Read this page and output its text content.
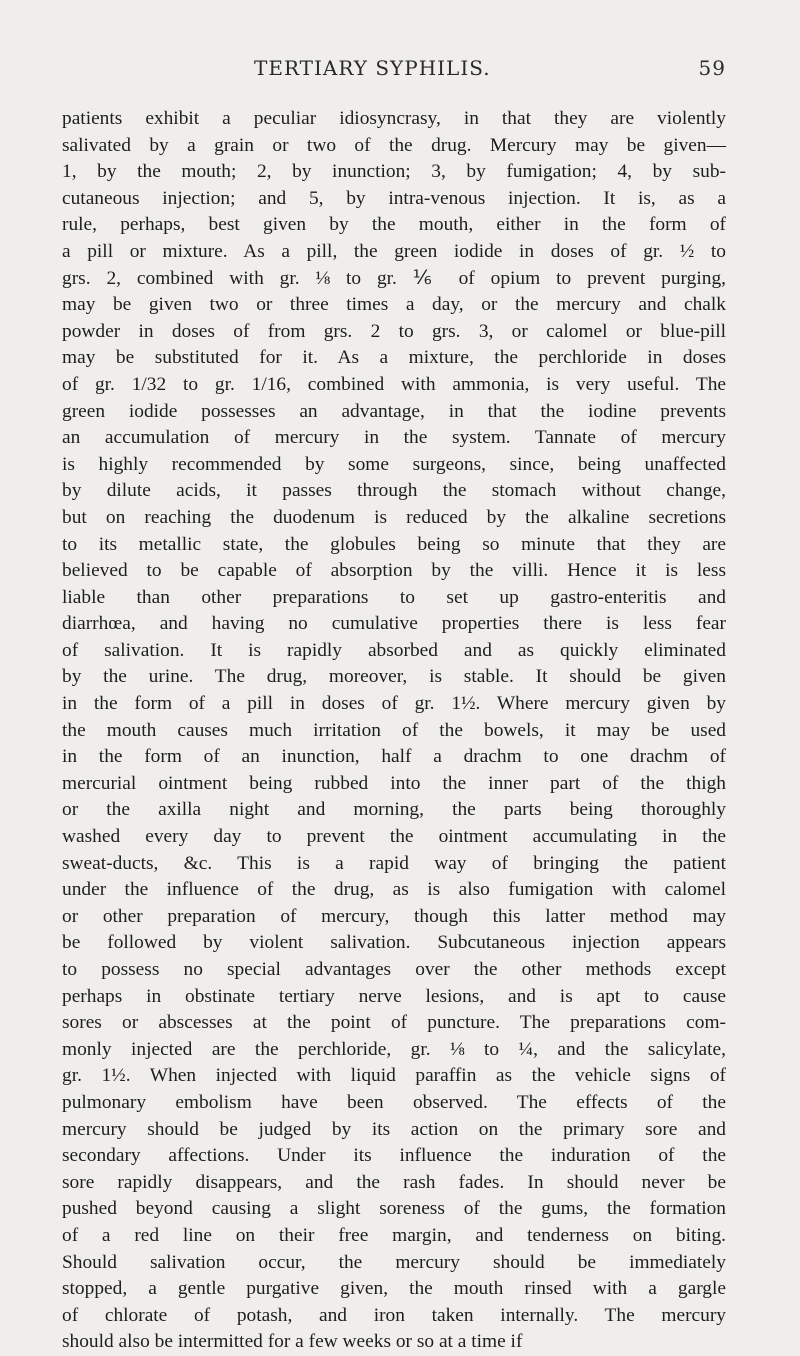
TERTIARY SYPHILIS.	59
patients exhibit a peculiar idiosyncrasy, in that they are violently
salivated by a grain or two of the drug. Mercury may be given—
1, by the mouth; 2, by inunction; 3, by fumigation; 4, by sub-
cutaneous injection; and 5, by intra-venous injection. It is, as a
rule, perhaps, best given by the mouth, either in the form of
a pill or mixture. As a pill, the green iodide in doses of gr. ½ to
grs. 2, combined with gr. ⅛ to gr. ⅙ of opium to prevent purging,
may be given two or three times a day, or the mercury and chalk
powder in doses of from grs. 2 to grs. 3, or calomel or blue-pill
may be substituted for it. As a mixture, the perchloride in doses
of gr. 1/32 to gr. 1/16, combined with ammonia, is very useful. The
green iodide possesses an advantage, in that the iodine prevents
an accumulation of mercury in the system. Tannate of mercury
is highly recommended by some surgeons, since, being unaffected
by dilute acids, it passes through the stomach without change,
but on reaching the duodenum is reduced by the alkaline secretions
to its metallic state, the globules being so minute that they are
believed to be capable of absorption by the villi. Hence it is less
liable than other preparations to set up gastro-enteritis and
diarrhœa, and having no cumulative properties there is less fear
of salivation. It is rapidly absorbed and as quickly eliminated
by the urine. The drug, moreover, is stable. It should be given
in the form of a pill in doses of gr. 1½. Where mercury given by
the mouth causes much irritation of the bowels, it may be used
in the form of an inunction, half a drachm to one drachm of
mercurial ointment being rubbed into the inner part of the thigh
or the axilla night and morning, the parts being thoroughly
washed every day to prevent the ointment accumulating in the
sweat-ducts, &c. This is a rapid way of bringing the patient
under the influence of the drug, as is also fumigation with calomel
or other preparation of mercury, though this latter method may
be followed by violent salivation. Subcutaneous injection appears
to possess no special advantages over the other methods except
perhaps in obstinate tertiary nerve lesions, and is apt to cause
sores or abscesses at the point of puncture. The preparations com-
monly injected are the perchloride, gr. ⅛ to ¼, and the salicylate,
gr. 1½. When injected with liquid paraffin as the vehicle signs of
pulmonary embolism have been observed. The effects of the
mercury should be judged by its action on the primary sore and
secondary affections. Under its influence the induration of the
sore rapidly disappears, and the rash fades. In should never be
pushed beyond causing a slight soreness of the gums, the formation
of a red line on their free margin, and tenderness on biting.
Should salivation occur, the mercury should be immediately
stopped, a gentle purgative given, the mouth rinsed with a gargle
of chlorate of potash, and iron taken internally. The mercury
should also be intermitted for a few weeks or so at a time if
